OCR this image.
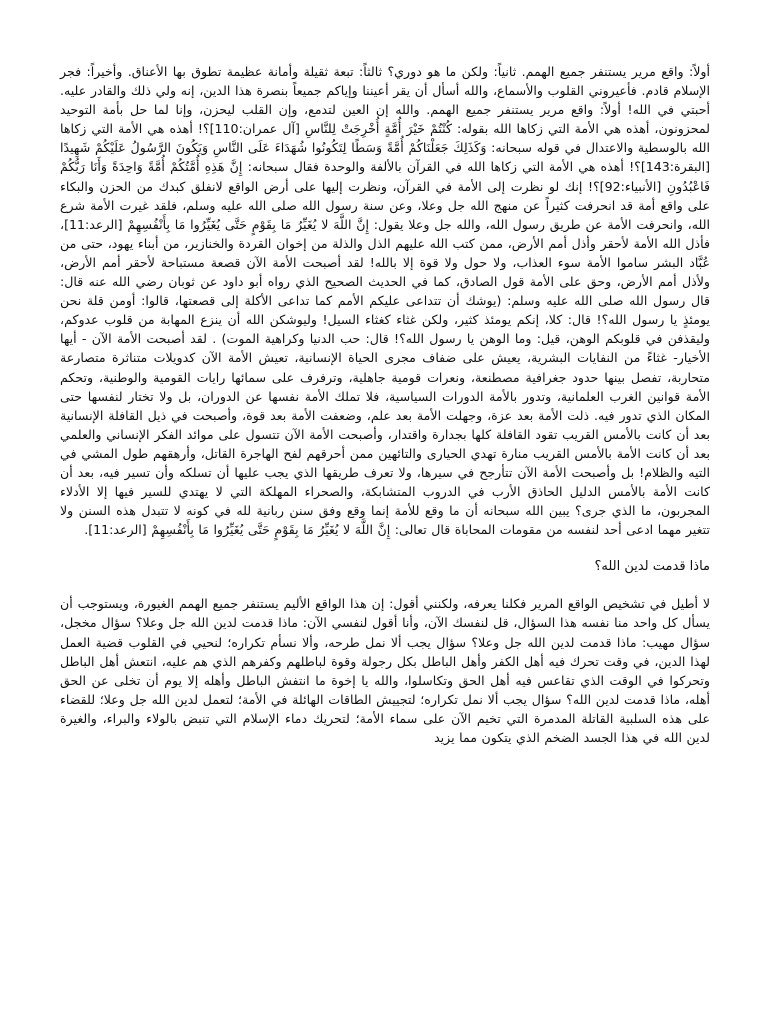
أولاً: واقع مرير يستنفر جميع الهمم. ثانياً: ولكن ما هو دوري؟ ثالثاً: تبعة ثقيلة وأمانة عظيمة تطوق بها الأعناق. وأخيراً: فجر الإسلام قادم. فأعيروني القلوب والأسماع، والله أسأل أن يقر أعيننا وإياكم جميعاً بنصرة هذا الدين، إنه ولي ذلك والقادر عليه. أحبتي في الله! أولاً: واقع مرير يستنفر جميع الهمم. والله إن العين لتدمع، وإن القلب ليحزن، وإنا لما حل بأمة التوحيد لمحزونون، أهذه هي الأمة التي زكاها الله بقوله: كُنْتُمْ خَيْرَ أُمَّةٍ أُخْرِجَتْ لِلنَّاسِ [آل عمران:110]؟! أهذه هي الأمة التي زكاها الله بالوسطية والاعتدال في قوله سبحانه: وَكَذَلِكَ جَعَلْنَاكُمْ أُمَّةً وَسَطًا لِتَكُونُوا شُهَدَاءَ عَلَى النَّاسِ وَيَكُونَ الرَّسُولُ عَلَيْكُمْ شَهِيدًا [البقرة:143]؟! أهذه هي الأمة التي زكاها الله في القرآن بالألفة والوحدة فقال سبحانه: إِنَّ هَذِهِ أُمَّتُكُمْ أُمَّةً وَاحِدَةً وَأَنَا رَبُّكُمْ فَاعْبُدُونِ [الأنبياء:92]؟! إنك لو نظرت إلى الأمة في القرآن، ونظرت إليها على أرض الواقع لانفلق كبدك من الحزن والبكاء على واقع أمة قد انحرفت كثيراً عن منهج الله جل وعلا، وعن سنة رسول الله صلى الله عليه وسلم، فلقد غيرت الأمة شرع الله، وانحرفت الأمة عن طريق رسول الله، والله جل وعلا يقول: إِنَّ اللَّهَ لا يُغَيِّرُ مَا بِقَوْمٍ حَتَّى يُغَيِّرُوا مَا بِأَنْفُسِهِمْ [الرعد:11]، فأذل الله الأمة لأحقر وأذل أمم الأرض، ممن كتب الله عليهم الذل والذلة من إخوان القردة والخنازير، من أبناء يهود، حتى من عُبَّاد البشر ساموا الأمة سوء العذاب، ولا حول ولا قوة إلا بالله! لقد أصبحت الأمة الآن قصعة مستباحة لأحقر أمم الأرض، ولأذل أمم الأرض، وحق على الأمة قول الصادق، كما في الحديث الصحيح الذي رواه أبو داود عن ثوبان رضي الله عنه قال: قال رسول الله صلى الله عليه وسلم: (يوشك أن تتداعى عليكم الأمم كما تداعى الأكلة إلى قصعتها، قالوا: أومن قلة نحن يومئذٍ يا رسول الله؟! قال: كلا، إنكم يومئذ كثير، ولكن غثاء كغثاء السيل! وليوشكن الله أن ينزع المهابة من قلوب عدوكم، وليقذفن في قلوبكم الوهن، قيل: وما الوهن يا رسول الله؟! قال: حب الدنيا وكراهية الموت) . لقد أصبحت الأمة الآن - أيها الأخيار- غثاءً من النفايات البشرية، يعيش على ضفاف مجرى الحياة الإنسانية، تعيش الأمة الآن كدويلات متناثرة متصارعة متحاربة، تفصل بينها حدود جغرافية مصطنعة، ونعرات قومية جاهلية، وترفرف على سمائها رايات القومية والوطنية، وتحكم الأمة قوانين الغرب العلمانية، وتدور بالأمة الدورات السياسية، فلا تملك الأمة نفسها عن الدوران، بل ولا تختار لنفسها حتى المكان الذي تدور فيه. ذلت الأمة بعد عزة، وجهلت الأمة بعد علم، وضعفت الأمة بعد قوة، وأصبحت في ذيل القافلة الإنسانية بعد أن كانت بالأمس القريب تقود القافلة كلها بجدارة واقتدار، وأصبحت الأمة الآن تتسول على موائد الفكر الإنساني والعلمي بعد أن كانت الأمة بالأمس القريب منارة تهدي الحيارى والتائهين ممن أحرقهم لفح الهاجرة القاتل، وأرهقهم طول المشي في التيه والظلام! بل وأصبحت الأمة الآن تتأرجح في سيرها، ولا تعرف طريقها الذي يجب عليها أن تسلكه وأن تسير فيه، بعد أن كانت الأمة بالأمس الدليل الحاذق الأرب في الدروب المتشابكة، والصحراء المهلكة التي لا يهتدي للسير فيها إلا الأدلاء المجربون، ما الذي جرى؟ يبين الله سبحانه أن ما وقع للأمة إنما وقع وفق سنن ربانية لله في كونه لا تتبدل هذه السنن ولا تتغير مهما ادعى أحد لنفسه من مقومات المحاباة قال تعالى: إِنَّ اللَّهَ لا يُغَيِّرُ مَا بِقَوْمٍ حَتَّى يُغَيِّرُوا مَا بِأَنْفُسِهِمْ [الرعد:11].

ماذا قدمت لدين الله؟

لا أطيل في تشخيص الواقع المرير فكلنا يعرفه، ولكنني أقول: إن هذا الواقع الأليم يستنفر جميع الهمم الغيورة، ويستوجب أن يسأل كل واحد منا نفسه هذا السؤال، قل لنفسك الآن، وأنا أقول لنفسي الآن: ماذا قدمت لدين الله جل وعلا؟ سؤال مخجل، سؤال مهيب: ماذا قدمت لدين الله جل وعلا؟ سؤال يجب ألا نمل طرحه، وألا نسأم تكراره؛ لنحيي في القلوب قضية العمل لهذا الدين، في وقت تحرك فيه أهل الكفر وأهل الباطل بكل رجولة وقوة لباطلهم وكفرهم الذي هم عليه، انتعش أهل الباطل وتحركوا في الوقت الذي تقاعس فيه أهل الحق وتكاسلوا، والله يا إخوة ما انتفش الباطل وأهله إلا يوم أن تخلى عن الحق أهله، ماذا قدمت لدين الله؟ سؤال يجب ألا نمل تكراره؛ لتجييش الطاقات الهائلة في الأمة؛ لتعمل لدين الله جل وعلا؛ للقضاء على هذه السلبية القاتلة المدمرة التي تخيم الآن على سماء الأمة؛ لتحريك دماء الإسلام التي تنبض بالولاء والبراء، والغيرة لدين الله في هذا الجسد الضخم الذي يتكون مما يزيد
